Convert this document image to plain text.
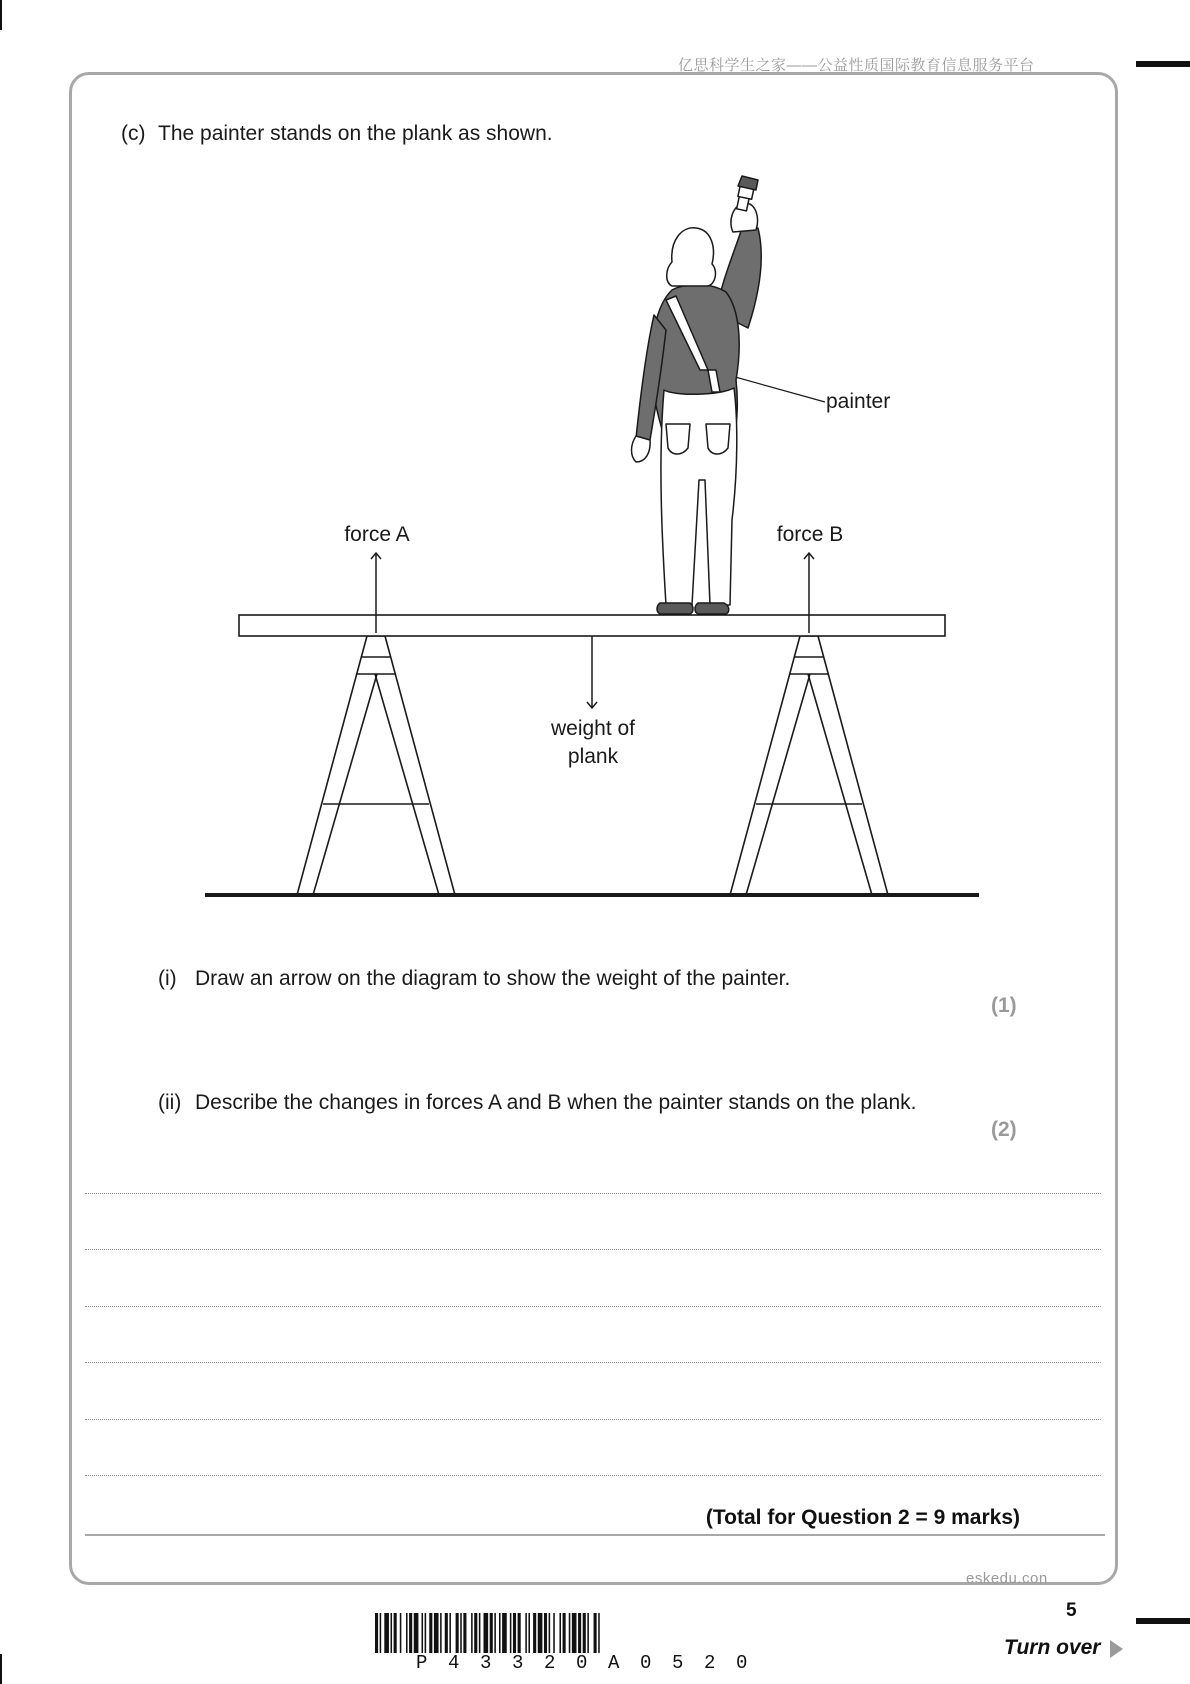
亿思科学生之家——公益性质国际教育信息服务平台
(c) The painter stands on the plank as shown.
force A	force B
weight of
plank
painter
(i) Draw an arrow on the diagram to show the weight of the painter.
(1)
(ii) Describe the changes in forces A and B when the painter stands on the plank.
(2)
(Total for Question 2 = 9 marks)
eskedu.con
5
P43320A0520
Turn over
